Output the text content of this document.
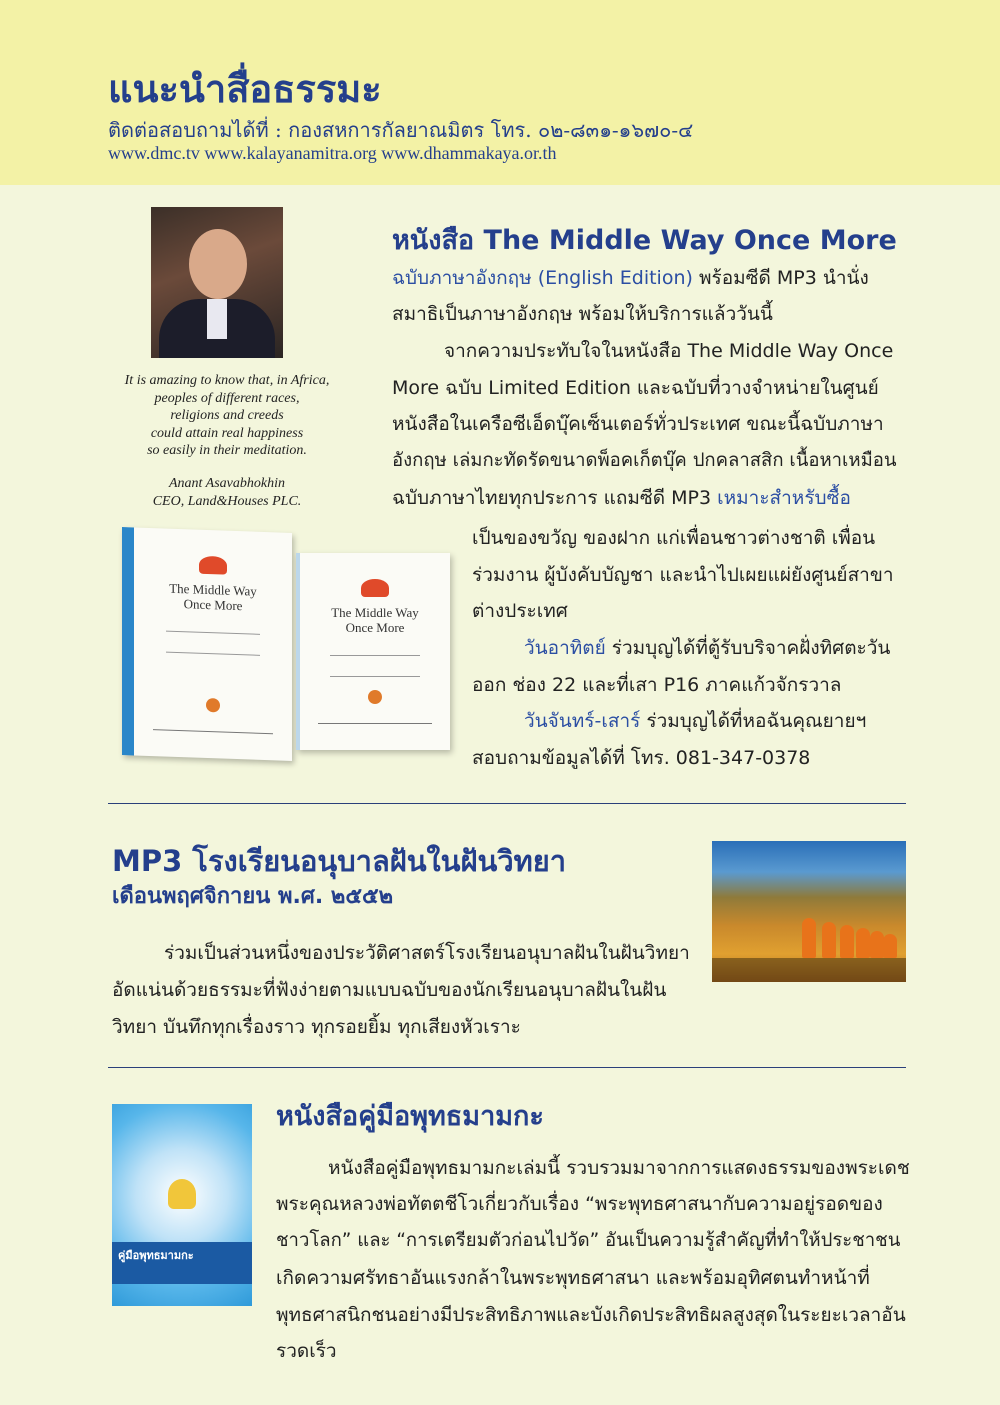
แนะนำสื่อธรรมะ
ติดต่อสอบถามได้ที่ : กองสหการกัลยาณมิตร โทร. ๐๒-๘๓๑-๑๖๗๐-๔
www.dmc.tv www.kalayanamitra.org www.dhammakaya.or.th
It is amazing to know that, in Africa,
peoples of different races,
religions and creeds
could attain real happiness
so easily in their meditation.
Anant Asavabhokhin
CEO, Land&Houses PLC.
The Middle Way
Once More	The Middle Way
Once More
หนังสือ The Middle Way Once More
ฉบับภาษาอังกฤษ (English Edition) พร้อมซีดี MP3 นำนั่ง
สมาธิเป็นภาษาอังกฤษ พร้อมให้บริการแล้ววันนี้
จากความประทับใจในหนังสือ The Middle Way Once
More ฉบับ Limited Edition และฉบับที่วางจำหน่ายในศูนย์
หนังสือในเครือซีเอ็ดบุ๊คเซ็นเตอร์ทั่วประเทศ ขณะนี้ฉบับภาษา
อังกฤษ เล่มกะทัดรัดขนาดพ็อคเก็ตบุ๊ค ปกคลาสสิก เนื้อหาเหมือน
ฉบับภาษาไทยทุกประการ แถมซีดี MP3 เหมาะสำหรับซื้อ
เป็นของขวัญ ของฝาก แก่เพื่อนชาวต่างชาติ เพื่อน
ร่วมงาน ผู้บังคับบัญชา และนำไปเผยแผ่ยังศูนย์สาขา
ต่างประเทศ
วันอาทิตย์ ร่วมบุญได้ที่ตู้รับบริจาคฝั่งทิศตะวัน
ออก ช่อง 22 และที่เสา P16 ภาคแก้วจักรวาล
วันจันทร์-เสาร์ ร่วมบุญได้ที่หอฉันคุณยายฯ
สอบถามข้อมูลได้ที่ โทร. 081-347-0378
MP3 โรงเรียนอนุบาลฝันในฝันวิทยา
เดือนพฤศจิกายน พ.ศ. ๒๕๕๒
ร่วมเป็นส่วนหนึ่งของประวัติศาสตร์โรงเรียนอนุบาลฝันในฝันวิทยา
อัดแน่นด้วยธรรมะที่ฟังง่ายตามแบบฉบับของนักเรียนอนุบาลฝันในฝัน
วิทยา บันทึกทุกเรื่องราว ทุกรอยยิ้ม ทุกเสียงหัวเราะ
คู่มือพุทธมามกะ
หนังสือคู่มือพุทธมามกะ
หนังสือคู่มือพุทธมามกะเล่มนี้ รวบรวมมาจากการแสดงธรรมของพระเดช
พระคุณหลวงพ่อทัตตชีโวเกี่ยวกับเรื่อง “พระพุทธศาสนากับความอยู่รอดของ
ชาวโลก” และ “การเตรียมตัวก่อนไปวัด” อันเป็นความรู้สำคัญที่ทำให้ประชาชน
เกิดความศรัทธาอันแรงกล้าในพระพุทธศาสนา และพร้อมอุทิศตนทำหน้าที่
พุทธศาสนิกชนอย่างมีประสิทธิภาพและบังเกิดประสิทธิผลสูงสุดในระยะเวลาอัน
รวดเร็ว
